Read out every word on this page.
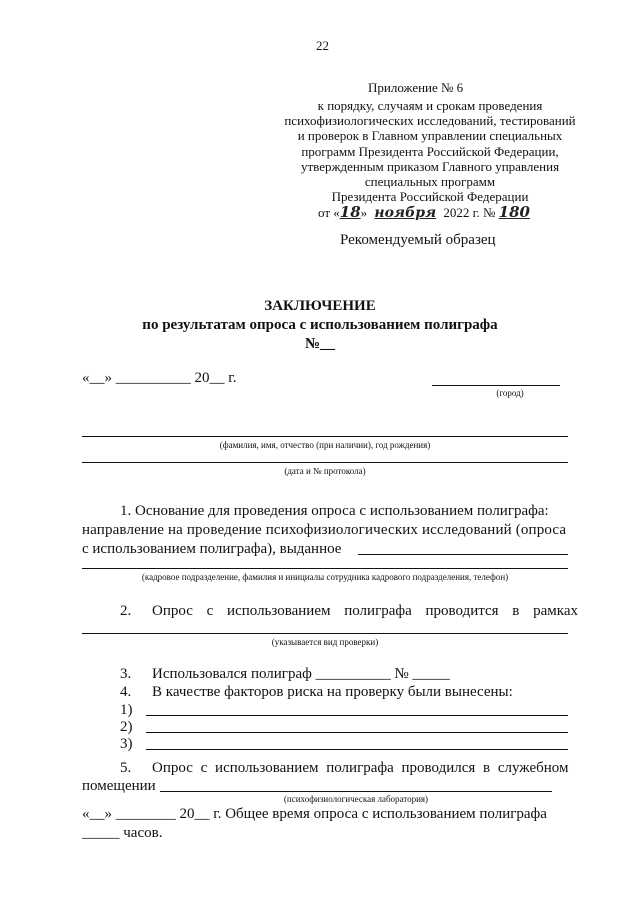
22
Приложение № 6
к порядку, случаям и срокам проведения
психофизиологических исследований, тестирований
и проверок в Главном управлении специальных
программ Президента Российской Федерации,
утвержденным приказом Главного управления
специальных программ
Президента Российской Федерации
от «18» ноября 2022 г. № 180
Рекомендуемый образец
ЗАКЛЮЧЕНИЕ
по результатам опроса с использованием полиграфа
№__
«__» __________ 20__ г.
(город)
(фамилия, имя, отчество (при наличии), год рождения)
(дата и № протокола)
1. Основание для проведения опроса с использованием полиграфа:
направление на проведение психофизиологических исследований (опроса
с использованием полиграфа), выданное
(кадровое подразделение, фамилия и инициалы сотрудника кадрового подразделения, телефон)
2. Опрос с использованием полиграфа проводится в рамках
(указывается вид проверки)
3. Использовался полиграф __________ № _____
4. В качестве факторов риска на проверку были вынесены:
1)
2)
3)
5. Опрос с использованием полиграфа проводился в служебном
помещении
(психофизиологическая лаборатория)
«__» ________ 20__ г. Общее время опроса с использованием полиграфа
_____ часов.
